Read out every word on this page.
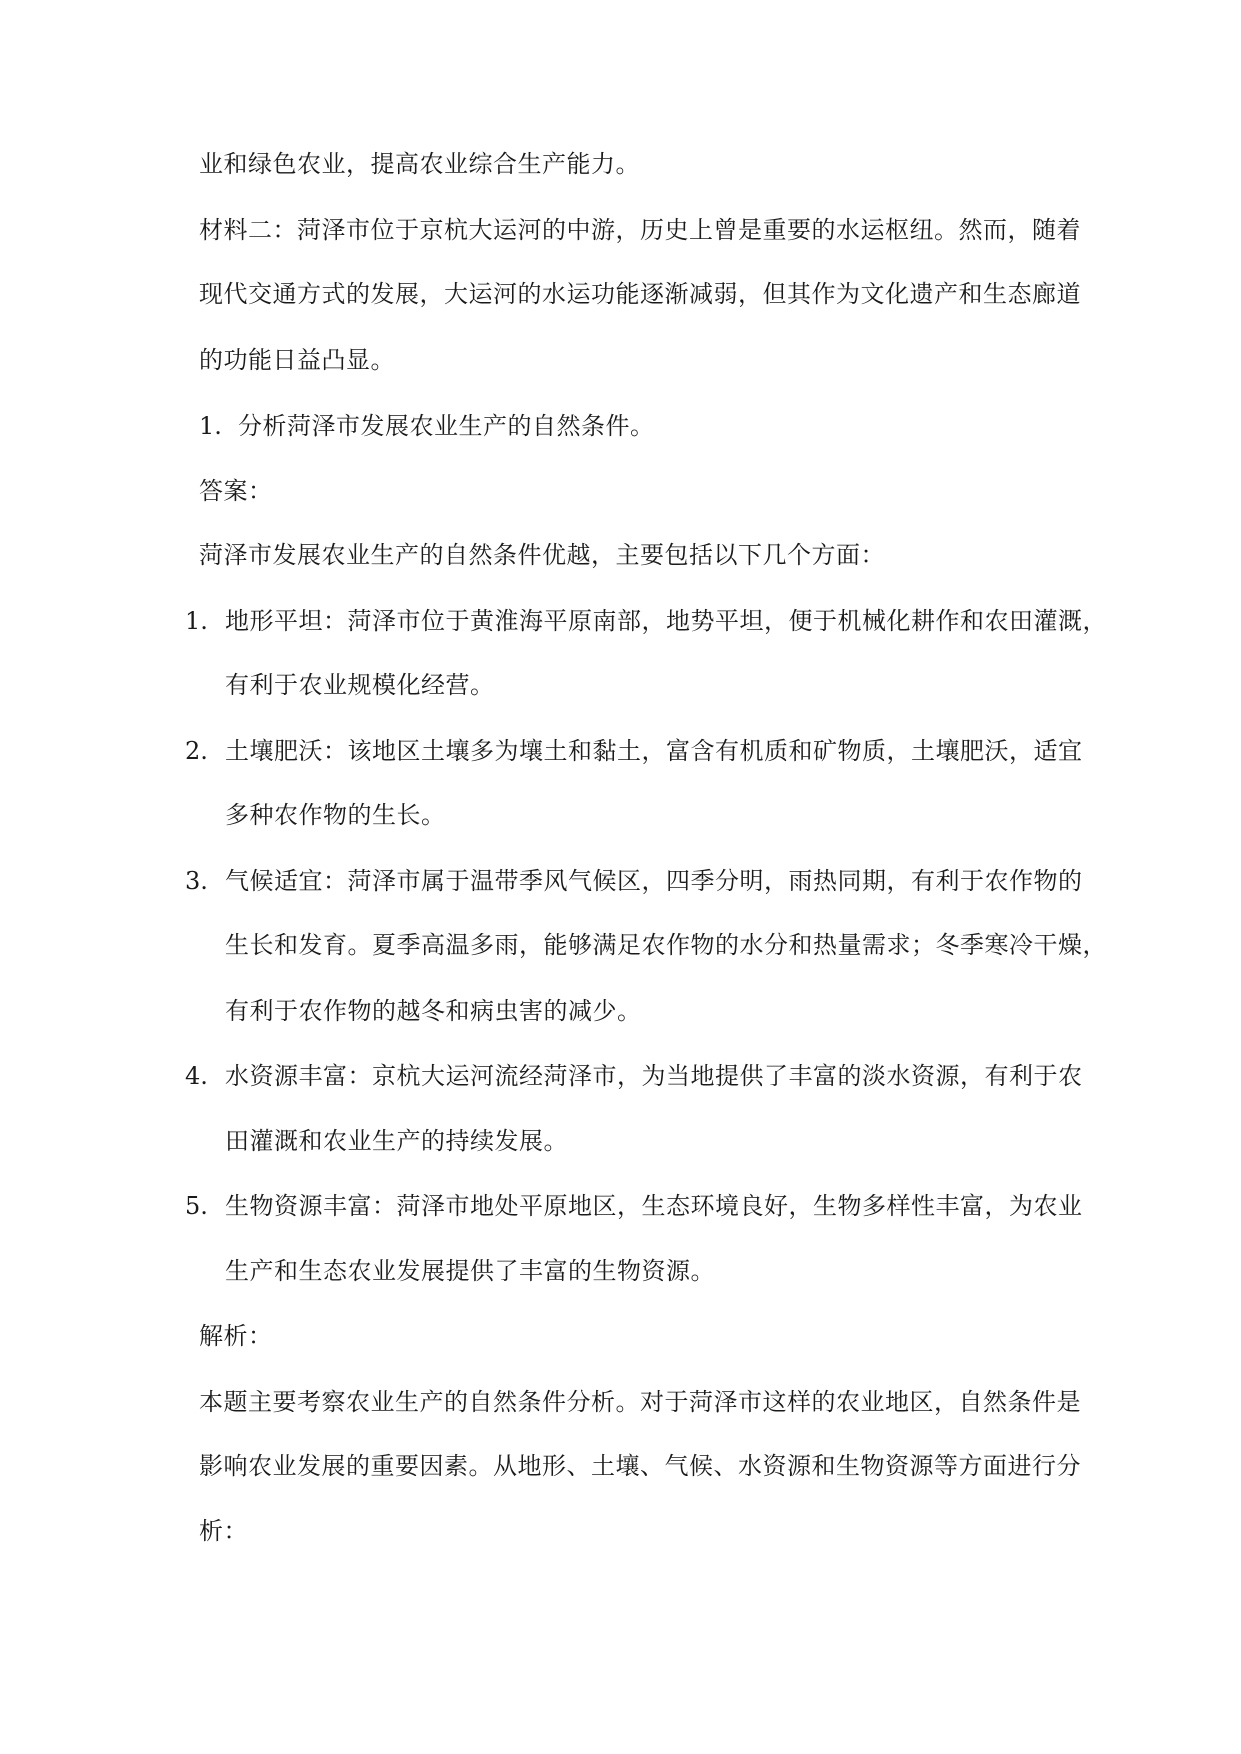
业和绿色农业，提高农业综合生产能力。
材料二：菏泽市位于京杭大运河的中游，历史上曾是重要的水运枢纽。然而，随着
现代交通方式的发展，大运河的水运功能逐渐减弱，但其作为文化遗产和生态廊道
的功能日益凸显。
1. 分析菏泽市发展农业生产的自然条件。
答案：
菏泽市发展农业生产的自然条件优越，主要包括以下几个方面：
1. 地形平坦：菏泽市位于黄淮海平原南部，地势平坦，便于机械化耕作和农田灌溉，
有利于农业规模化经营。
2. 土壤肥沃：该地区土壤多为壤土和黏土，富含有机质和矿物质，土壤肥沃，适宜
多种农作物的生长。
3. 气候适宜：菏泽市属于温带季风气候区，四季分明，雨热同期，有利于农作物的
生长和发育。夏季高温多雨，能够满足农作物的水分和热量需求；冬季寒冷干燥，
有利于农作物的越冬和病虫害的减少。
4. 水资源丰富：京杭大运河流经菏泽市，为当地提供了丰富的淡水资源，有利于农
田灌溉和农业生产的持续发展。
5. 生物资源丰富：菏泽市地处平原地区，生态环境良好，生物多样性丰富，为农业
生产和生态农业发展提供了丰富的生物资源。
解析：
本题主要考察农业生产的自然条件分析。对于菏泽市这样的农业地区，自然条件是
影响农业发展的重要因素。从地形、土壤、气候、水资源和生物资源等方面进行分
析：
